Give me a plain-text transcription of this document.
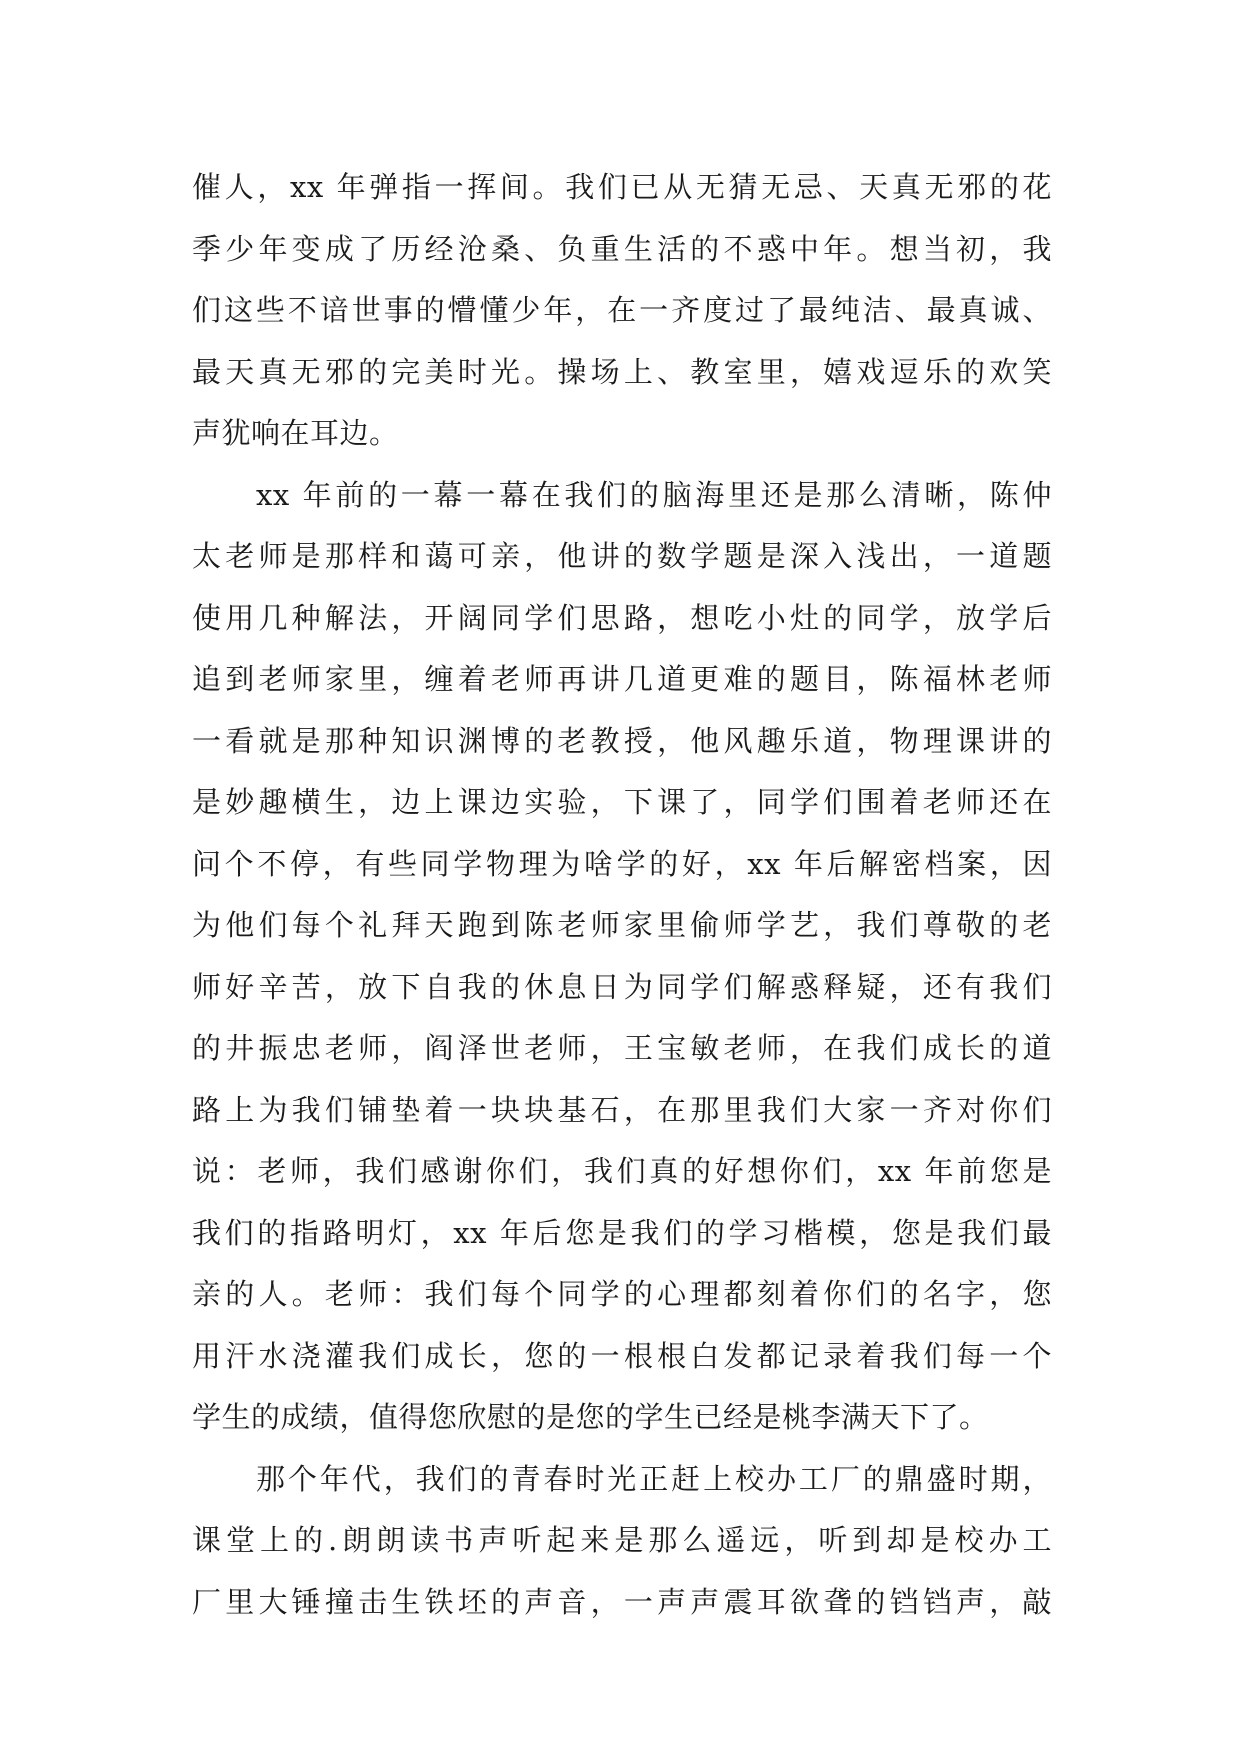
催人，xx 年弹指一挥间。我们已从无猜无忌、天真无邪的花
季少年变成了历经沧桑、负重生活的不惑中年。想当初，我
们这些不谙世事的懵懂少年，在一齐度过了最纯洁、最真诚、
最天真无邪的完美时光。操场上、教室里，嬉戏逗乐的欢笑
声犹响在耳边。
xx 年前的一幕一幕在我们的脑海里还是那么清晰，陈仲
太老师是那样和蔼可亲，他讲的数学题是深入浅出，一道题
使用几种解法，开阔同学们思路，想吃小灶的同学，放学后
追到老师家里，缠着老师再讲几道更难的题目，陈福林老师
一看就是那种知识渊博的老教授，他风趣乐道，物理课讲的
是妙趣横生，边上课边实验，下课了，同学们围着老师还在
问个不停，有些同学物理为啥学的好，xx 年后解密档案，因
为他们每个礼拜天跑到陈老师家里偷师学艺，我们尊敬的老
师好辛苦，放下自我的休息日为同学们解惑释疑，还有我们
的井振忠老师，阎泽世老师，王宝敏老师，在我们成长的道
路上为我们铺垫着一块块基石，在那里我们大家一齐对你们
说：老师，我们感谢你们，我们真的好想你们，xx 年前您是
我们的指路明灯，xx 年后您是我们的学习楷模，您是我们最
亲的人。老师：我们每个同学的心理都刻着你们的名字，您
用汗水浇灌我们成长，您的一根根白发都记录着我们每一个
学生的成绩，值得您欣慰的是您的学生已经是桃李满天下了。
那个年代，我们的青春时光正赶上校办工厂的鼎盛时期，
课堂上的.朗朗读书声听起来是那么遥远，听到却是校办工
厂里大锤撞击生铁坯的声音，一声声震耳欲聋的铛铛声，敲
